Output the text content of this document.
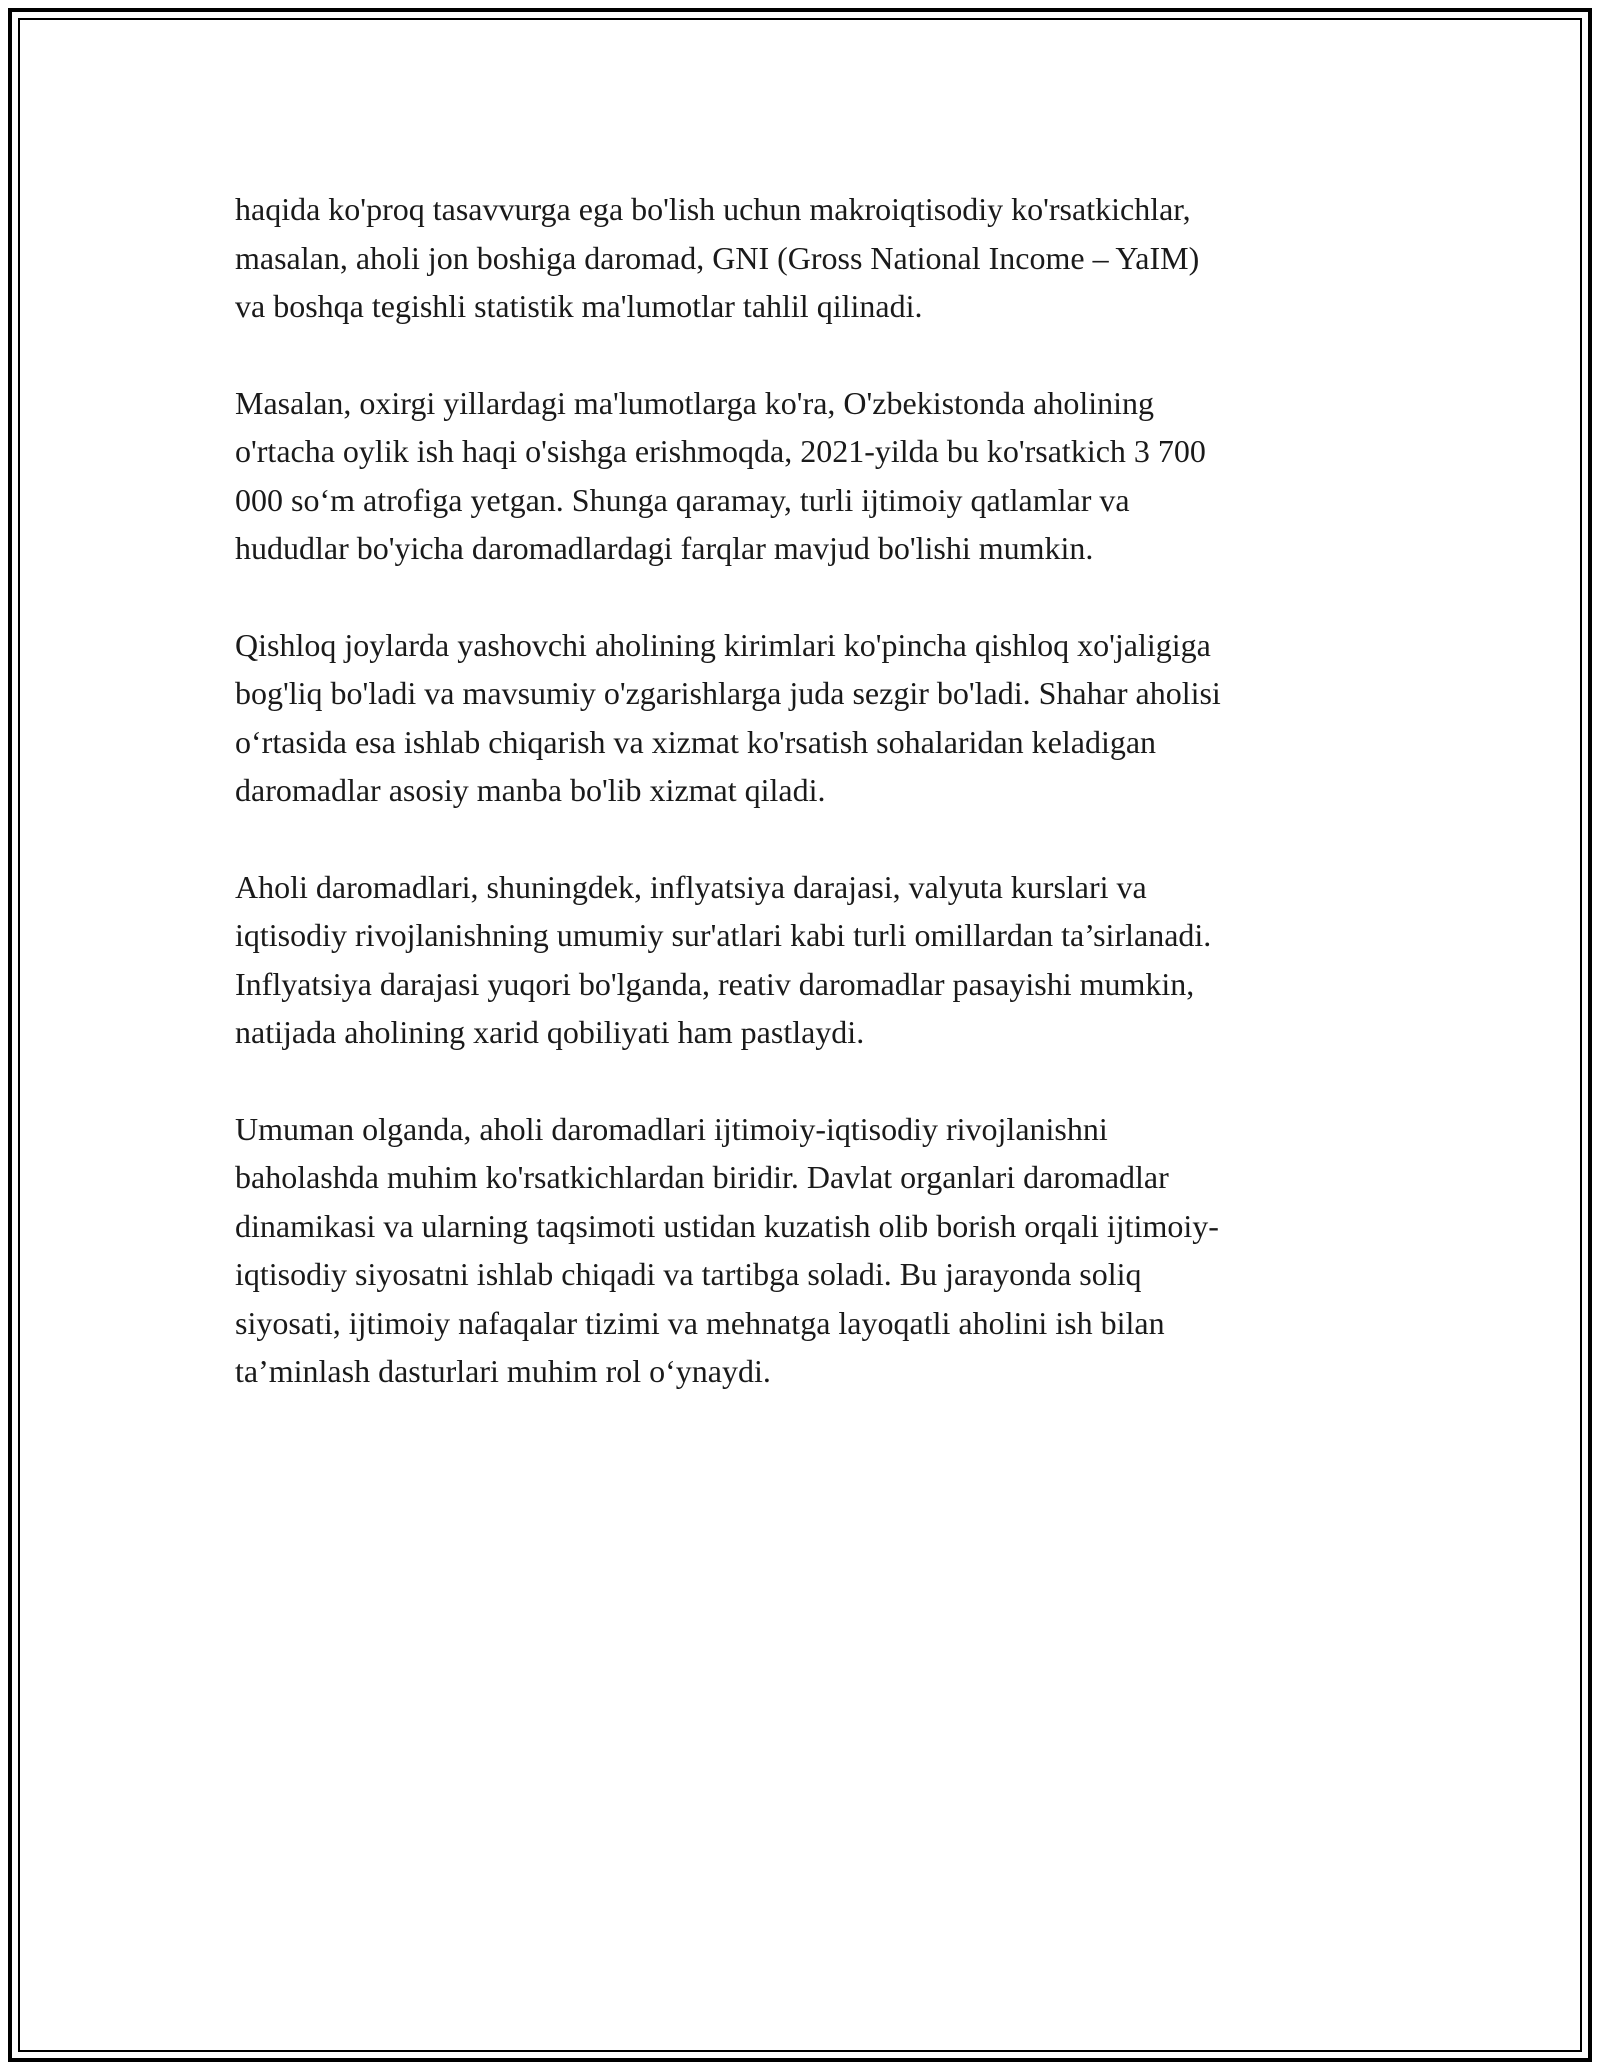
haqida ko'proq tasavvurga ega bo'lish uchun makroiqtisodiy ko'rsatkichlar,
masalan, aholi jon boshiga daromad, GNI (Gross National Income – YaIM)
va boshqa tegishli statistik ma'lumotlar tahlil qilinadi.

Masalan, oxirgi yillardagi ma'lumotlarga ko'ra, O'zbekistonda aholining
o'rtacha oylik ish haqi o'sishga erishmoqda, 2021-yilda bu ko'rsatkich 3 700
000 so‘m atrofiga yetgan. Shunga qaramay, turli ijtimoiy qatlamlar va
hududlar bo'yicha daromadlardagi farqlar mavjud bo'lishi mumkin.

Qishloq joylarda yashovchi aholining kirimlari ko'pincha qishloq xo'jaligiga
bog'liq bo'ladi va mavsumiy o'zgarishlarga juda sezgir bo'ladi. Shahar aholisi
o‘rtasida esa ishlab chiqarish va xizmat ko'rsatish sohalaridan keladigan
daromadlar asosiy manba bo'lib xizmat qiladi.

Aholi daromadlari, shuningdek, inflyatsiya darajasi, valyuta kurslari va
iqtisodiy rivojlanishning umumiy sur'atlari kabi turli omillardan ta’sirlanadi.
Inflyatsiya darajasi yuqori bo'lganda, reativ daromadlar pasayishi mumkin,
natijada aholining xarid qobiliyati ham pastlaydi.

Umuman olganda, aholi daromadlari ijtimoiy-iqtisodiy rivojlanishni
baholashda muhim ko'rsatkichlardan biridir. Davlat organlari daromadlar
dinamikasi va ularning taqsimoti ustidan kuzatish olib borish orqali ijtimoiy-
iqtisodiy siyosatni ishlab chiqadi va tartibga soladi. Bu jarayonda soliq
siyosati, ijtimoiy nafaqalar tizimi va mehnatga layoqatli aholini ish bilan
ta’minlash dasturlari muhim rol o‘ynaydi.
